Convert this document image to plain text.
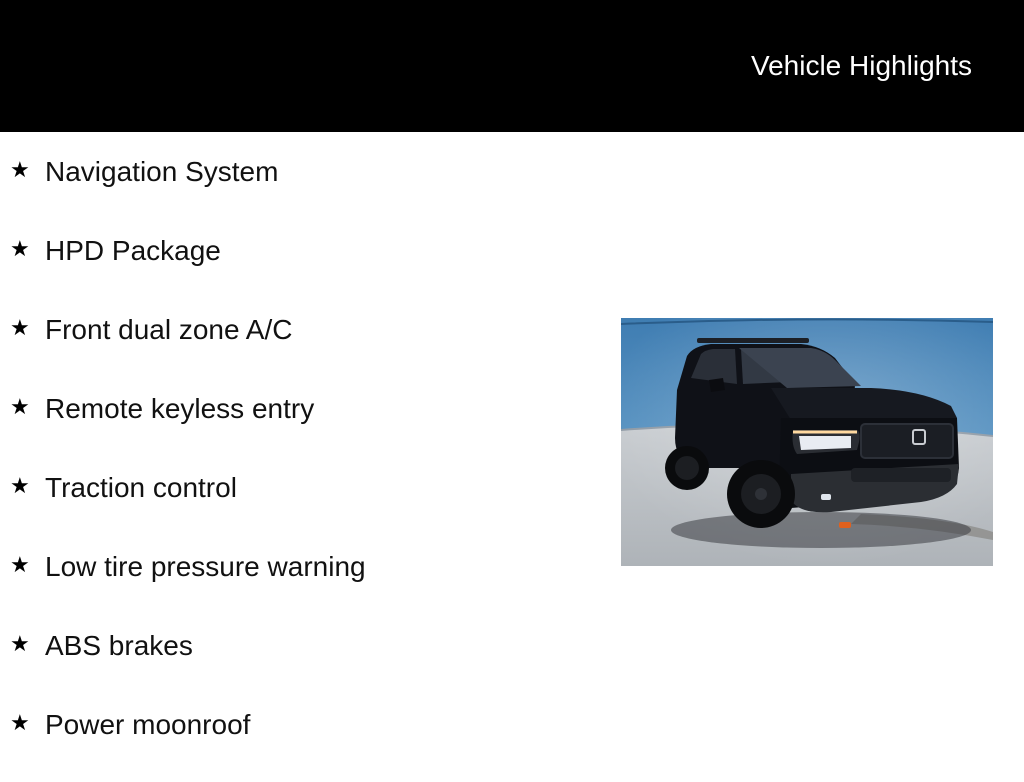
Vehicle Highlights
★ Navigation System
★ HPD Package
★ Front dual zone A/C
★ Remote keyless entry
★ Traction control
★ Low tire pressure warning
★ ABS brakes
★ Power moonroof
